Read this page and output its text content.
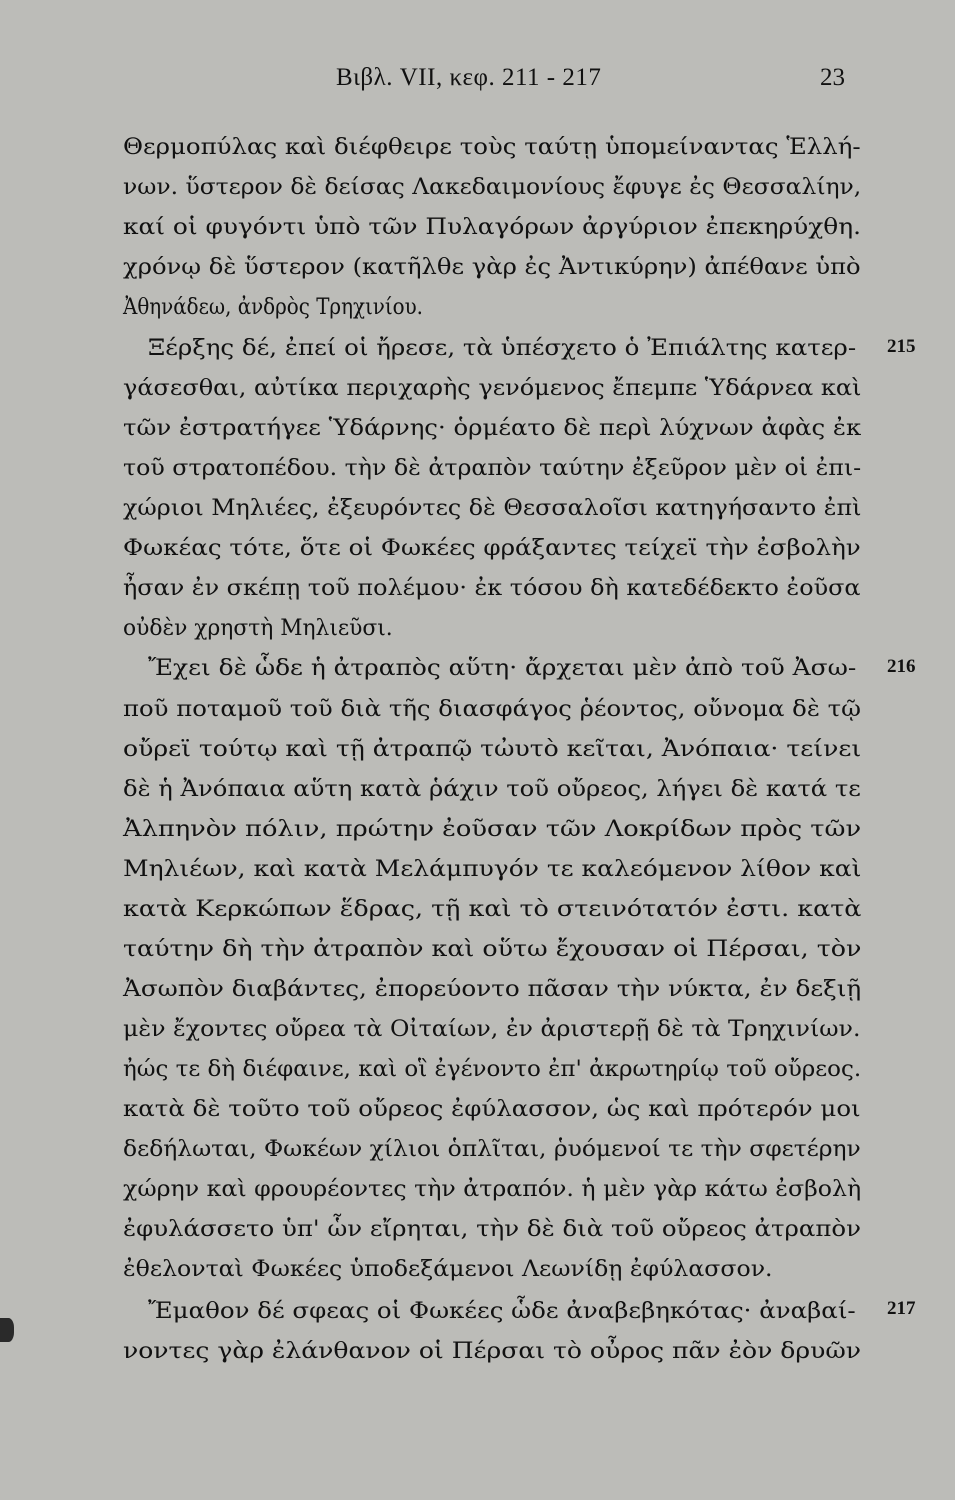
Βιβλ. VII, κεφ. 211 - 217	23
Θερμοπύλας καὶ διέφθειρε τοὺς ταύτῃ ὑπομείναντας Ἑλλή-
νων. ὕστερον δὲ δείσας Λακεδαιμονίους ἔφυγε ἐς Θεσσαλίην,
καί οἱ φυγόντι ὑπὸ τῶν Πυλαγόρων ἀργύριον ἐπεκηρύχθη.
χρόνῳ δὲ ὕστερον (κατῆλθε γὰρ ἐς Ἀντικύρην) ἀπέθανε ὑπὸ
Ἀθηνάδεω, ἀνδρὸς Τρηχινίου.
Ξέρξης δέ, ἐπεί οἱ ἤρεσε, τὰ ὑπέσχετο ὁ Ἐπιάλτης κατερ-
γάσεσθαι, αὐτίκα περιχαρὴς γενόμενος ἔπεμπε Ὑδάρνεα καὶ
τῶν ἐστρατήγεε Ὑδάρνης· ὁρμέατο δὲ περὶ λύχνων ἀφὰς ἐκ
τοῦ στρατοπέδου. τὴν δὲ ἀτραπὸν ταύτην ἐξεῦρον μὲν οἱ ἐπι-
χώριοι Μηλιέες, ἐξευρόντες δὲ Θεσσαλοῖσι κατηγήσαντο ἐπὶ
Φωκέας τότε, ὅτε οἱ Φωκέες φράξαντες τείχεϊ τὴν ἐσβολὴν
ἦσαν ἐν σκέπῃ τοῦ πολέμου· ἐκ τόσου δὴ κατεδέδεκτο ἐοῦσα
οὐδὲν χρηστὴ Μηλιεῦσι.
Ἔχει δὲ ὧδε ἡ ἀτραπὸς αὕτη· ἄρχεται μὲν ἀπὸ τοῦ Ἀσω-
ποῦ ποταμοῦ τοῦ διὰ τῆς διασφάγος ῥέοντος, οὔνομα δὲ τῷ
οὔρεϊ τούτῳ καὶ τῇ ἀτραπῷ τὠυτὸ κεῖται, Ἀνόπαια· τείνει
δὲ ἡ Ἀνόπαια αὕτη κατὰ ῥάχιν τοῦ οὔρεος, λήγει δὲ κατά τε
Ἀλπηνὸν πόλιν, πρώτην ἐοῦσαν τῶν Λοκρίδων πρὸς τῶν
Μηλιέων, καὶ κατὰ Μελάμπυγόν τε καλεόμενον λίθον καὶ
κατὰ Κερκώπων ἕδρας, τῇ καὶ τὸ στεινότατόν ἐστι. κατὰ
ταύτην δὴ τὴν ἀτραπὸν καὶ οὕτω ἔχουσαν οἱ Πέρσαι, τὸν
Ἀσωπὸν διαβάντες, ἐπορεύοντο πᾶσαν τὴν νύκτα, ἐν δεξιῇ
μὲν ἔχοντες οὔρεα τὰ Οἰταίων, ἐν ἀριστερῇ δὲ τὰ Τρηχινίων.
ἠώς τε δὴ διέφαινε, καὶ οἳ ἐγένοντο ἐπ' ἀκρωτηρίῳ τοῦ οὔρεος.
κατὰ δὲ τοῦτο τοῦ οὔρεος ἐφύλασσον, ὡς καὶ πρότερόν μοι
δεδήλωται, Φωκέων χίλιοι ὁπλῖται, ῥυόμενοί τε τὴν σφετέρην
χώρην καὶ φρουρέοντες τὴν ἀτραπόν. ἡ μὲν γὰρ κάτω ἐσβολὴ
ἐφυλάσσετο ὑπ' ὧν εἴρηται, τὴν δὲ διὰ τοῦ οὔρεος ἀτραπὸν
ἐθελονταὶ Φωκέες ὑποδεξάμενοι Λεωνίδῃ ἐφύλασσον.
Ἔμαθον δέ σφεας οἱ Φωκέες ὧδε ἀναβεβηκότας· ἀναβαί-
νοντες γὰρ ἐλάνθανον οἱ Πέρσαι τὸ οὖρος πᾶν ἐὸν δρυῶν
215
216
217
